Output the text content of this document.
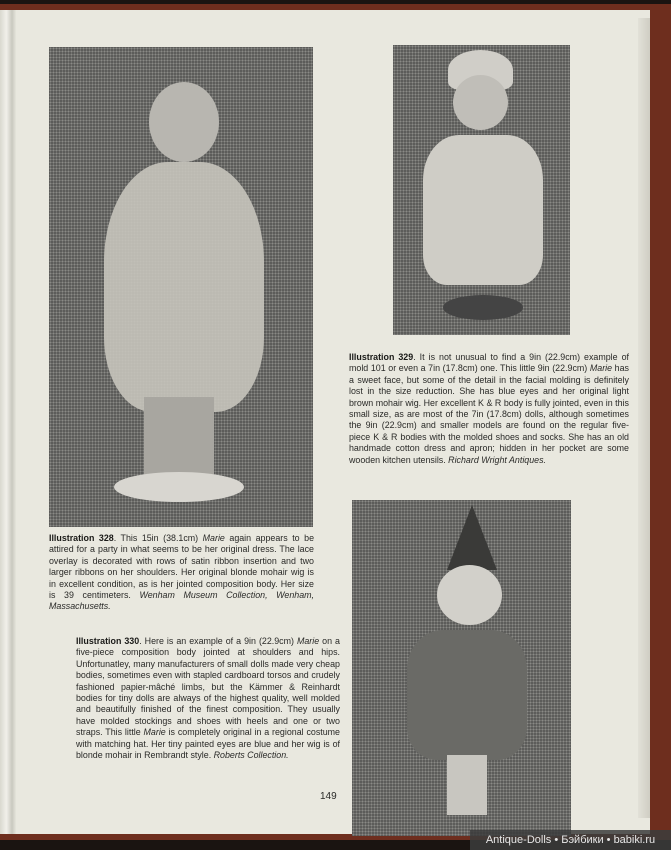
Illustration 328. This 15in (38.1cm) Marie again appears to be attired for a party in what seems to be her original dress. The lace overlay is decorated with rows of satin ribbon insertion and two larger ribbons on her shoulders. Her original blonde mohair wig is in excellent condition, as is her jointed composition body. Her size is 39 centimeters. Wenham Museum Collection, Wenham, Massachusetts.
Illustration 329. It is not unusual to find a 9in (22.9cm) example of mold 101 or even a 7in (17.8cm) one. This little 9in (22.9cm) Marie has a sweet face, but some of the detail in the facial molding is definitely lost in the size reduction. She has blue eyes and her original light brown mohair wig. Her excellent K & R body is fully jointed, even in this small size, as are most of the 7in (17.8cm) dolls, although sometimes the 9in (22.9cm) and smaller models are found on the regular five-piece K & R bodies with the molded shoes and socks. She has an old handmade cotton dress and apron; hidden in her pocket are some wooden kitchen utensils. Richard Wright Antiques.
Illustration 330. Here is an example of a 9in (22.9cm) Marie on a five-piece composition body jointed at shoulders and hips. Unfortunatley, many manufacturers of small dolls made very cheap bodies, sometimes even with stapled cardboard torsos and crudely fashioned papier-mâché limbs, but the Kämmer & Reinhardt bodies for tiny dolls are always of the highest quality, well molded and beautifully finished of the finest composition. They usually have molded stockings and shoes with heels and one or two straps. This little Marie is completely original in a regional costume with matching hat. Her tiny painted eyes are blue and her wig is of blonde mohair in Rembrandt style. Roberts Collection.
149
Antique-Dolls • Бэйбики • babiki.ru
